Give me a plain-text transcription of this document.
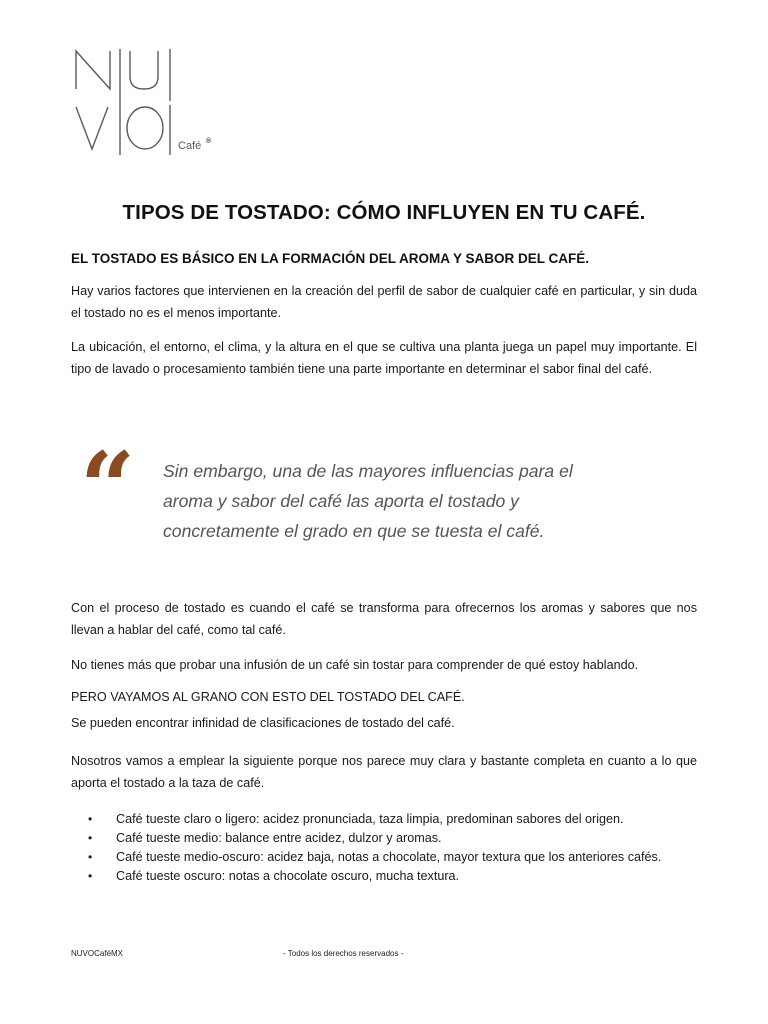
Café ®
TIPOS DE TOSTADO: CÓMO INFLUYEN EN TU CAFÉ.
EL TOSTADO ES BÁSICO EN LA FORMACIÓN DEL AROMA Y SABOR DEL CAFÉ.
Hay varios factores que intervienen en la creación del perfil de sabor de cualquier café en particular, y sin duda el tostado no es el menos importante.
La ubicación, el entorno, el clima, y la altura en el que se cultiva una planta juega un papel muy importante. El tipo de lavado o procesamiento también tiene una parte importante en determinar el sabor final del café.
“ Sin embargo, una de las mayores influencias para el aroma y sabor del café las aporta el tostado y concretamente el grado en que se tuesta el café.
Con el proceso de tostado es cuando el café se transforma para ofrecernos los aromas y sabores que nos llevan a hablar del café, como tal café.
No tienes más que probar una infusión de un café sin tostar para comprender de qué estoy hablando.
PERO VAYAMOS AL GRANO CON ESTO DEL TOSTADO DEL CAFÉ.
Se pueden encontrar infinidad de clasificaciones de tostado del café.
Nosotros vamos a emplear la siguiente porque nos parece muy clara y bastante completa en cuanto a lo que aporta el tostado a la taza de café.
• Café tueste claro o ligero: acidez pronunciada, taza limpia, predominan sabores del origen.
• Café tueste medio: balance entre acidez, dulzor y aromas.
• Café tueste medio-oscuro: acidez baja, notas a chocolate, mayor textura que los anteriores cafés.
• Café tueste oscuro: notas a chocolate oscuro, mucha textura.
NUVOCaféMX	- Todos los derechos reservados -
